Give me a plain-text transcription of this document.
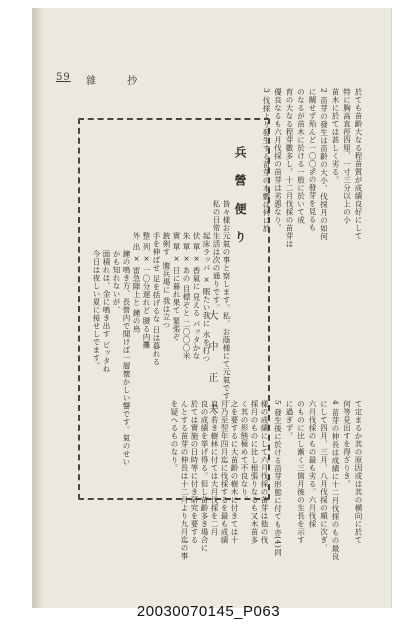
59 雜 抄
於ても苗齡大なる程苗質が成績良好にして
特に胸高直徑四厘、一寸三分以上の小
苗木に於ては甚しく劣る。
2 苗芽の發生は苗齡の大小、伐採月の如何
に關せず殆んど一〇〇%の發芽を見るも
のなるが苗木に於ける一般に於いて成
育の大なる程芽數多し。十二月伐採の苗芽は
優良なるも六月伐採の苗芽は劣悪なり。
3 伐採より發生する苗芽の本數は何に於
て定まるか其の原因或は其の横向に於て
何等見出すを得ざりき。
4 苗芽の伸長は成績に十二月伐採のもの最良
にして四月、三月、八月伐採の順に次ぎ、
六月伐採のもの最も劣る。六月伐採
のものに比し漸く三箇月後の生長を示す
に過ぎず。
5 發生後に於ける苗芽形態に付ても亦(4)同
樣の成績にして六月伐採の苗芽は他の伐
採月のものに比し根張りなるも又木苗多
く其の形態極めて不良なり。
之を要するに大苗齡の樹木に付きては十
月乃至翌年四月迄に伐採するを最も成績
良く若き樹林に付ては大月伐採を二月
良の成績を挙げ得る。但し苗齡多き場合に
於ては實施の日時等に付き研究を要する
んとする苗芽の伸長は十二月より九月迄の事
を疑へるものなり。
兵 營 便 り
大 中 正 夫 皆々樣お元氣の事と察します。私、お蔭様にて元氣です。
私の日常生活は次の通りです。
起床ラッパ × 眠たい我に 水を打つ
伏 單 × 香氣に 見える パッタかな
朱 單 × あの 目標ぞと 二〇〇〇米
實 單 × 日に暮れ果て 緊張ぞ
銃剣す  腹兵場に 我は立つ
手を伸ばせ 足を括げるな 日は暮れる
整 列 × 一〇分遅れど 腰る内攤
外 出 × 雷急陣上と 鐘の鳥
鐘の鳴き方、長營内で聞けば一層懷かしい響です。氣のせい
かも知れないが、
面積れは、金に鳴き出す ピッタね
今日は夜しい夏に接せしでます。
20030070145_P063
